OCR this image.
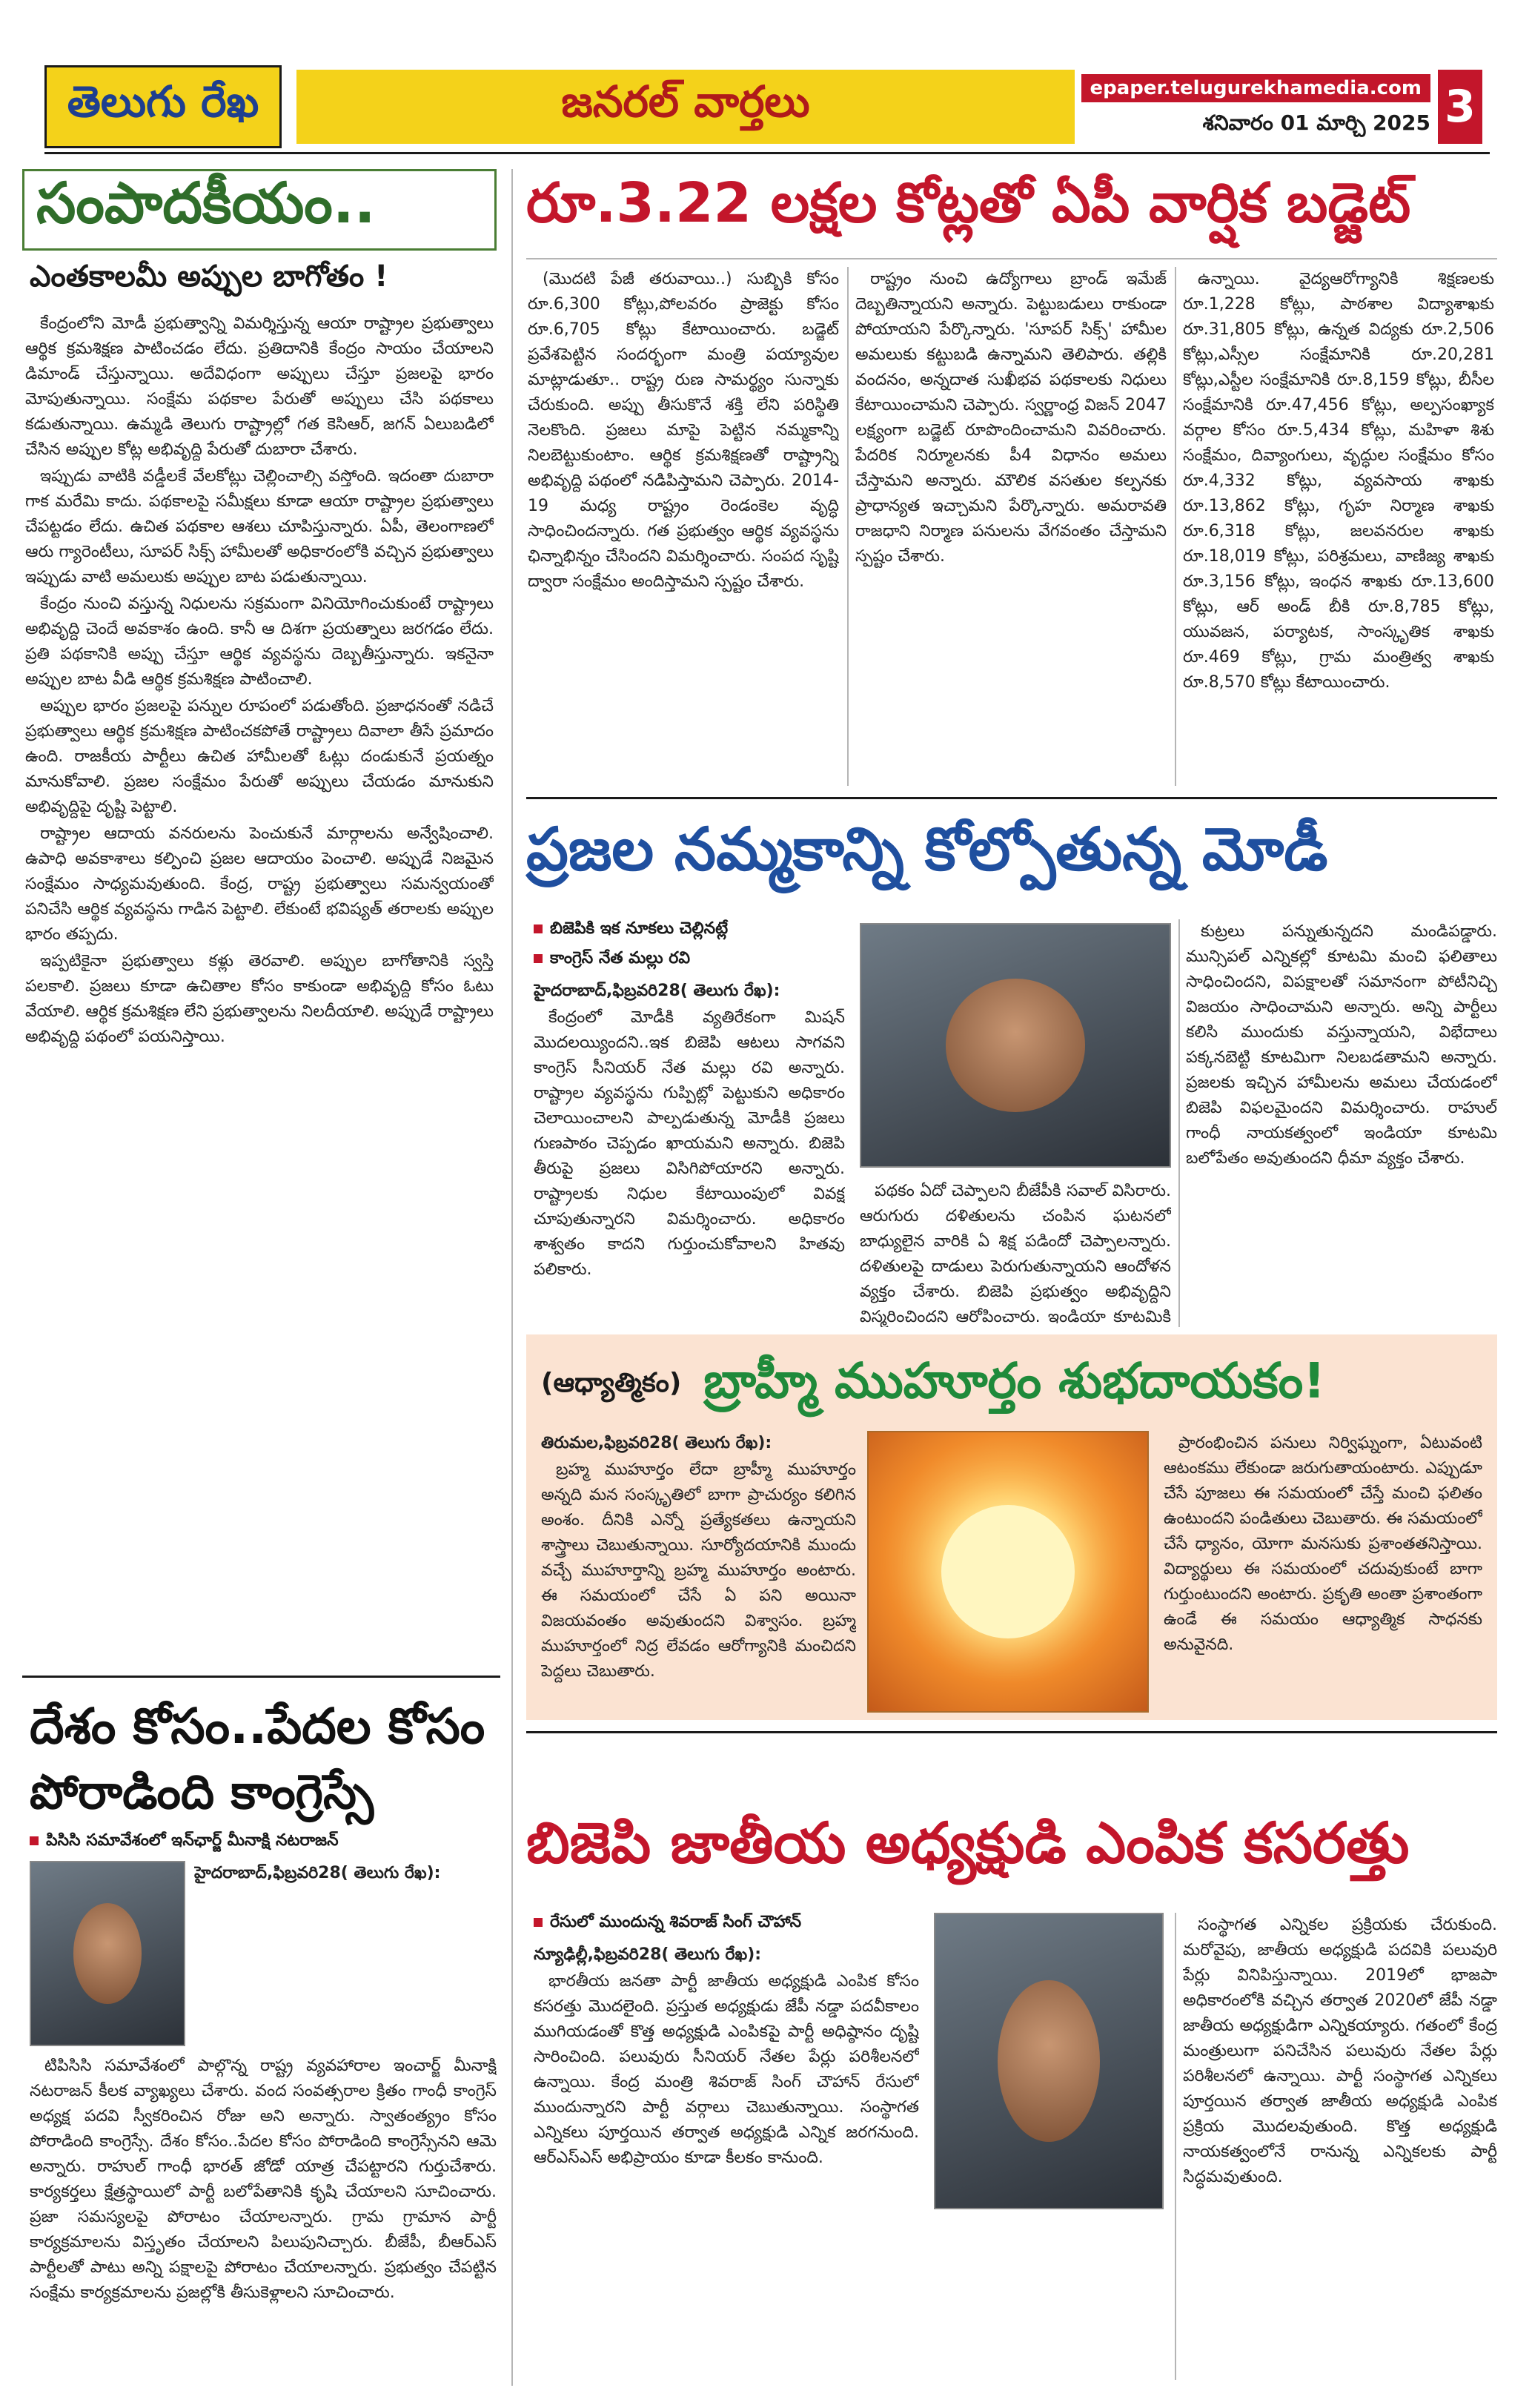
తెలుగు రేఖ	జనరల్ వార్తలు	epaper.telugurekhamedia.com
శనివారం 01 మార్చి 2025 3
సంపాదకీయం..
ఎంతకాలమీ అప్పుల బాగోతం !

కేంద్రంలోని మోడీ ప్రభుత్వాన్ని విమర్శిస్తున్న ఆయా రాష్ట్రాల ప్రభుత్వాలు ఆర్థిక క్రమశిక్షణ పాటించడం లేదు. ప్రతిదానికి కేంద్రం సాయం చేయాలని డిమాండ్ చేస్తున్నాయి. అదేవిధంగా అప్పులు చేస్తూ ప్రజలపై భారం మోపుతున్నాయి. సంక్షేమ పథకాల పేరుతో అప్పులు చేసి పథకాలు కడుతున్నాయి. ఉమ్మడి తెలుగు రాష్ట్రాల్లో గత కెసిఆర్, జగన్ ఏలుబడిలో చేసిన అప్పుల కోట్ల అభివృద్ది పేరుతో దుబారా చేశారు.

ఇప్పుడు వాటికి వడ్డీలకే వేలకోట్లు చెల్లించాల్సి వస్తోంది. ఇదంతా దుబారా గాక మరేమి కాదు. పథకాలపై సమీక్షలు కూడా ఆయా రాష్ట్రాల ప్రభుత్వాలు చేపట్టడం లేదు. ఉచిత పథకాల ఆశలు చూపిస్తున్నారు. ఏపీ, తెలంగాణలో ఆరు గ్యారెంటీలు, సూపర్ సిక్స్ హామీలతో అధికారంలోకి వచ్చిన ప్రభుత్వాలు ఇప్పుడు వాటి అమలుకు అప్పుల బాట పడుతున్నాయి.

కేంద్రం నుంచి వస్తున్న నిధులను సక్రమంగా వినియోగించుకుంటే రాష్ట్రాలు అభివృద్ది చెందే అవకాశం ఉంది. కానీ ఆ దిశగా ప్రయత్నాలు జరగడం లేదు. ప్రతి పథకానికి అప్పు చేస్తూ ఆర్థిక వ్యవస్థను దెబ్బతీస్తున్నారు. ఇకనైనా అప్పుల బాట వీడి ఆర్థిక క్రమశిక్షణ పాటించాలి.

అప్పుల భారం ప్రజలపై పన్నుల రూపంలో పడుతోంది. ప్రజాధనంతో నడిచే ప్రభుత్వాలు ఆర్థిక క్రమశిక్షణ పాటించకపోతే రాష్ట్రాలు దివాలా తీసే ప్రమాదం ఉంది. రాజకీయ పార్టీలు ఉచిత హామీలతో ఓట్లు దండుకునే ప్రయత్నం మానుకోవాలి. ప్రజల సంక్షేమం పేరుతో అప్పులు చేయడం మానుకుని అభివృద్దిపై దృష్టి పెట్టాలి.

రాష్ట్రాల ఆదాయ వనరులను పెంచుకునే మార్గాలను అన్వేషించాలి. ఉపాధి అవకాశాలు కల్పించి ప్రజల ఆదాయం పెంచాలి. అప్పుడే నిజమైన సంక్షేమం సాధ్యమవుతుంది. కేంద్ర, రాష్ట్ర ప్రభుత్వాలు సమన్వయంతో పనిచేసి ఆర్థిక వ్యవస్థను గాడిన పెట్టాలి. లేకుంటే భవిష్యత్ తరాలకు అప్పుల భారం తప్పదు.

ఇప్పటికైనా ప్రభుత్వాలు కళ్లు తెరవాలి. అప్పుల బాగోతానికి స్వస్తి పలకాలి. ప్రజలు కూడా ఉచితాల కోసం కాకుండా అభివృద్ది కోసం ఓటు వేయాలి. ఆర్థిక క్రమశిక్షణ లేని ప్రభుత్వాలను నిలదీయాలి. అప్పుడే రాష్ట్రాలు అభివృద్ది పథంలో పయనిస్తాయి.

దేశం కోసం..పేదల కోసం
పోరాడింది కాంగ్రెస్సే
పిసిసి సమావేశంలో ఇన్‌ఛార్జ్ మీనాక్షి నటరాజన్

హైదరాబాద్,ఫిబ్రవరి28( తెలుగు రేఖ):

టిపిసిసి సమావేశంలో పాల్గొన్న రాష్ట్ర వ్యవహారాల ఇంచార్జ్ మీనాక్షి నటరాజన్ కీలక వ్యాఖ్యలు చేశారు. వంద సంవత్సరాల క్రితం గాంధీ కాంగ్రెస్ అధ్యక్ష పదవి స్వీకరించిన రోజు అని అన్నారు. స్వాతంత్య్రం కోసం పోరాడింది కాంగ్రెస్సే. దేశం కోసం..పేదల కోసం పోరాడింది కాంగ్రెస్సేనని ఆమె అన్నారు. రాహుల్ గాంధీ భారత్ జోడో యాత్ర చేపట్టారని గుర్తుచేశారు. కార్యకర్తలు క్షేత్రస్థాయిలో పార్టీ బలోపేతానికి కృషి చేయాలని సూచించారు. ప్రజా సమస్యలపై పోరాటం చేయాలన్నారు. గ్రామ గ్రామాన పార్టీ కార్యక్రమాలను విస్తృతం చేయాలని పిలుపునిచ్చారు. బీజేపీ, బీఆర్ఎస్ పార్టీలతో పాటు అన్ని పక్షాలపై పోరాటం చేయాలన్నారు. ప్రభుత్వం చేపట్టిన సంక్షేమ కార్యక్రమాలను ప్రజల్లోకి తీసుకెళ్లాలని సూచించారు.

రూ.3.22 లక్షల కోట్లతో ఏపీ వార్షిక బడ్జెట్

(మొదటి పేజీ తరువాయి..) సుబ్బికి కోసం రూ.6,300 కోట్లు,పోలవరం ప్రాజెక్టు కోసం రూ.6,705 కోట్లు కేటాయించారు. బడ్జెట్ ప్రవేశపెట్టిన సందర్భంగా మంత్రి పయ్యావుల మాట్లాడుతూ.. రాష్ట్ర రుణ సామర్థ్యం సున్నాకు చేరుకుంది. అప్పు తీసుకొనే శక్తి లేని పరిస్థితి నెలకొంది. ప్రజలు మాపై పెట్టిన నమ్మకాన్ని నిలబెట్టుకుంటాం. ఆర్థిక క్రమశిక్షణతో రాష్ట్రాన్ని అభివృద్ది పథంలో నడిపిస్తామని చెప్పారు. 2014-19 మధ్య రాష్ట్రం రెండంకెల వృద్ధి సాధించిందన్నారు. గత ప్రభుత్వం ఆర్థిక వ్యవస్థను ఛిన్నాభిన్నం చేసిందని విమర్శించారు. సంపద సృష్టి ద్వారా సంక్షేమం అందిస్తామని స్పష్టం చేశారు.

రాష్ట్రం నుంచి ఉద్యోగాలు బ్రాండ్ ఇమేజ్ దెబ్బతిన్నాయని అన్నారు. పెట్టుబడులు రాకుండా పోయాయని పేర్కొన్నారు. 'సూపర్ సిక్స్' హామీల అమలుకు కట్టుబడి ఉన్నామని తెలిపారు. తల్లికి వందనం, అన్నదాత సుఖీభవ పథకాలకు నిధులు కేటాయించామని చెప్పారు. స్వర్ణాంధ్ర విజన్ 2047 లక్ష్యంగా బడ్జెట్ రూపొందించామని వివరించారు. పేదరిక నిర్మూలనకు పీ4 విధానం అమలు చేస్తామని అన్నారు. మౌలిక వసతుల కల్పనకు ప్రాధాన్యత ఇచ్చామని పేర్కొన్నారు. అమరావతి రాజధాని నిర్మాణ పనులను వేగవంతం చేస్తామని స్పష్టం చేశారు.

ఉన్నాయి. వైద్యఆరోగ్యానికి శిక్షణలకు రూ.1,228 కోట్లు, పాఠశాల విద్యాశాఖకు రూ.31,805 కోట్లు, ఉన్నత విద్యకు రూ.2,506 కోట్లు,ఎస్సీల సంక్షేమానికి రూ.20,281 కోట్లు,ఎస్టీల సంక్షేమానికి రూ.8,159 కోట్లు, బీసీల సంక్షేమానికి రూ.47,456 కోట్లు, అల్పసంఖ్యాక వర్గాల కోసం రూ.5,434 కోట్లు, మహిళా శిశు సంక్షేమం, దివ్యాంగులు, వృద్ధుల సంక్షేమం కోసం రూ.4,332 కోట్లు, వ్యవసాయ శాఖకు రూ.13,862 కోట్లు, గృహ నిర్మాణ శాఖకు రూ.6,318 కోట్లు, జలవనరుల శాఖకు రూ.18,019 కోట్లు, పరిశ్రమలు, వాణిజ్య శాఖకు రూ.3,156 కోట్లు, ఇంధన శాఖకు రూ.13,600 కోట్లు, ఆర్ అండ్ బీకి రూ.8,785 కోట్లు, యువజన, పర్యాటక, సాంస్కృతిక శాఖకు రూ.469 కోట్లు, గ్రామ మంత్రిత్వ శాఖకు రూ.8,570 కోట్లు కేటాయించారు.

ప్రజల నమ్మకాన్ని కోల్పోతున్న మోడీ
బిజెపికి ఇక నూకలు చెల్లినట్లే
కాంగ్రెస్ నేత మల్లు రవి

హైదరాబాద్,ఫిబ్రవరి28( తెలుగు రేఖ):

కేంద్రంలో మోడీకి వ్యతిరేకంగా మిషన్ మొదలయ్యిందని..ఇక బిజెపి ఆటలు సాగవని కాంగ్రెస్ సీనియర్ నేత మల్లు రవి అన్నారు. రాష్ట్రాల వ్యవస్థను గుప్పిట్లో పెట్టుకుని అధికారం చెలాయించాలని పాల్పడుతున్న మోడీకి ప్రజలు గుణపాఠం చెప్పడం ఖాయమని అన్నారు. బిజెపి తీరుపై ప్రజలు విసిగిపోయారని అన్నారు. రాష్ట్రాలకు నిధుల కేటాయింపులో వివక్ష చూపుతున్నారని విమర్శించారు. అధికారం శాశ్వతం కాదని గుర్తుంచుకోవాలని హితవు పలికారు.

పథకం ఏదో చెప్పాలని బీజేపీకి సవాల్ విసిరారు. ఆరుగురు దళితులను చంపిన ఘటనలో బాధ్యులైన వారికి ఏ శిక్ష పడిందో చెప్పాలన్నారు. దళితులపై దాడులు పెరుగుతున్నాయని ఆందోళన వ్యక్తం చేశారు. బిజెపి ప్రభుత్వం అభివృద్దిని విస్మరించిందని ఆరోపించారు. ఇండియా కూటమికి

కుట్రలు పన్నుతున్నదని మండిపడ్డారు. మున్సిపల్ ఎన్నికల్లో కూటమి మంచి ఫలితాలు సాధించిందని, విపక్షాలతో సమానంగా పోటీనిచ్చి విజయం సాధించామని అన్నారు. అన్ని పార్టీలు కలిసి ముందుకు వస్తున్నాయని, విభేదాలు పక్కనబెట్టి కూటమిగా నిలబడతామని అన్నారు. ప్రజలకు ఇచ్చిన హామీలను అమలు చేయడంలో బిజెపి విఫలమైందని విమర్శించారు. రాహుల్ గాంధీ నాయకత్వంలో ఇండియా కూటమి బలోపేతం అవుతుందని ధీమా వ్యక్తం చేశారు.

(ఆధ్యాత్మికం) బ్రాహ్మీ ముహూర్తం శుభదాయకం!

తిరుమల,ఫిబ్రవరి28( తెలుగు రేఖ):

బ్రహ్మ ముహూర్తం లేదా బ్రాహ్మీ ముహూర్తం అన్నది మన సంస్కృతిలో బాగా ప్రాచుర్యం కలిగిన అంశం. దీనికి ఎన్నో ప్రత్యేకతలు ఉన్నాయని శాస్త్రాలు చెబుతున్నాయి. సూర్యోదయానికి ముందు వచ్చే ముహూర్తాన్ని బ్రహ్మ ముహూర్తం అంటారు. ఈ సమయంలో చేసే ఏ పని అయినా విజయవంతం అవుతుందని విశ్వాసం. బ్రహ్మ ముహూర్తంలో నిద్ర లేవడం ఆరోగ్యానికి మంచిదని పెద్దలు చెబుతారు.

ప్రారంభించిన పనులు నిర్విఘ్నంగా, ఏటువంటి ఆటంకము లేకుండా జరుగుతాయంటారు. ఎప్పుడూ చేసే పూజలు ఈ సమయంలో చేస్తే మంచి ఫలితం ఉంటుందని పండితులు చెబుతారు. ఈ సమయంలో చేసే ధ్యానం, యోగా మనసుకు ప్రశాంతతనిస్తాయి. విద్యార్థులు ఈ సమయంలో చదువుకుంటే బాగా గుర్తుంటుందని అంటారు. ప్రకృతి అంతా ప్రశాంతంగా ఉండే ఈ సమయం ఆధ్యాత్మిక సాధనకు అనువైనది.

బిజెపి జాతీయ అధ్యక్షుడి ఎంపిక కసరత్తు
రేసులో ముందున్న శివరాజ్ సింగ్ చౌహాన్

న్యూఢిల్లీ,ఫిబ్రవరి28( తెలుగు రేఖ):

భారతీయ జనతా పార్టీ జాతీయ అధ్యక్షుడి ఎంపిక కోసం కసరత్తు మొదలైంది. ప్రస్తుత అధ్యక్షుడు జేపీ నడ్డా పదవీకాలం ముగియడంతో కొత్త అధ్యక్షుడి ఎంపికపై పార్టీ అధిష్ఠానం దృష్టి సారించింది. పలువురు సీనియర్ నేతల పేర్లు పరిశీలనలో ఉన్నాయి. కేంద్ర మంత్రి శివరాజ్ సింగ్ చౌహాన్ రేసులో ముందున్నారని పార్టీ వర్గాలు చెబుతున్నాయి. సంస్థాగత ఎన్నికలు పూర్తయిన తర్వాత అధ్యక్షుడి ఎన్నిక జరగనుంది. ఆర్ఎస్ఎస్ అభిప్రాయం కూడా కీలకం కానుంది.

సంస్థాగత ఎన్నికల ప్రక్రియకు చేరుకుంది. మరోవైపు, జాతీయ అధ్యక్షుడి పదవికి పలువురి పేర్లు వినిపిస్తున్నాయి. 2019లో భాజపా అధికారంలోకి వచ్చిన తర్వాత 2020లో జేపీ నడ్డా జాతీయ అధ్యక్షుడిగా ఎన్నికయ్యారు. గతంలో కేంద్ర మంత్రులుగా పనిచేసిన పలువురు నేతల పేర్లు పరిశీలనలో ఉన్నాయి. పార్టీ సంస్థాగత ఎన్నికలు పూర్తయిన తర్వాత జాతీయ అధ్యక్షుడి ఎంపిక ప్రక్రియ మొదలవుతుంది. కొత్త అధ్యక్షుడి నాయకత్వంలోనే రానున్న ఎన్నికలకు పార్టీ సిద్ధమవుతుంది.
